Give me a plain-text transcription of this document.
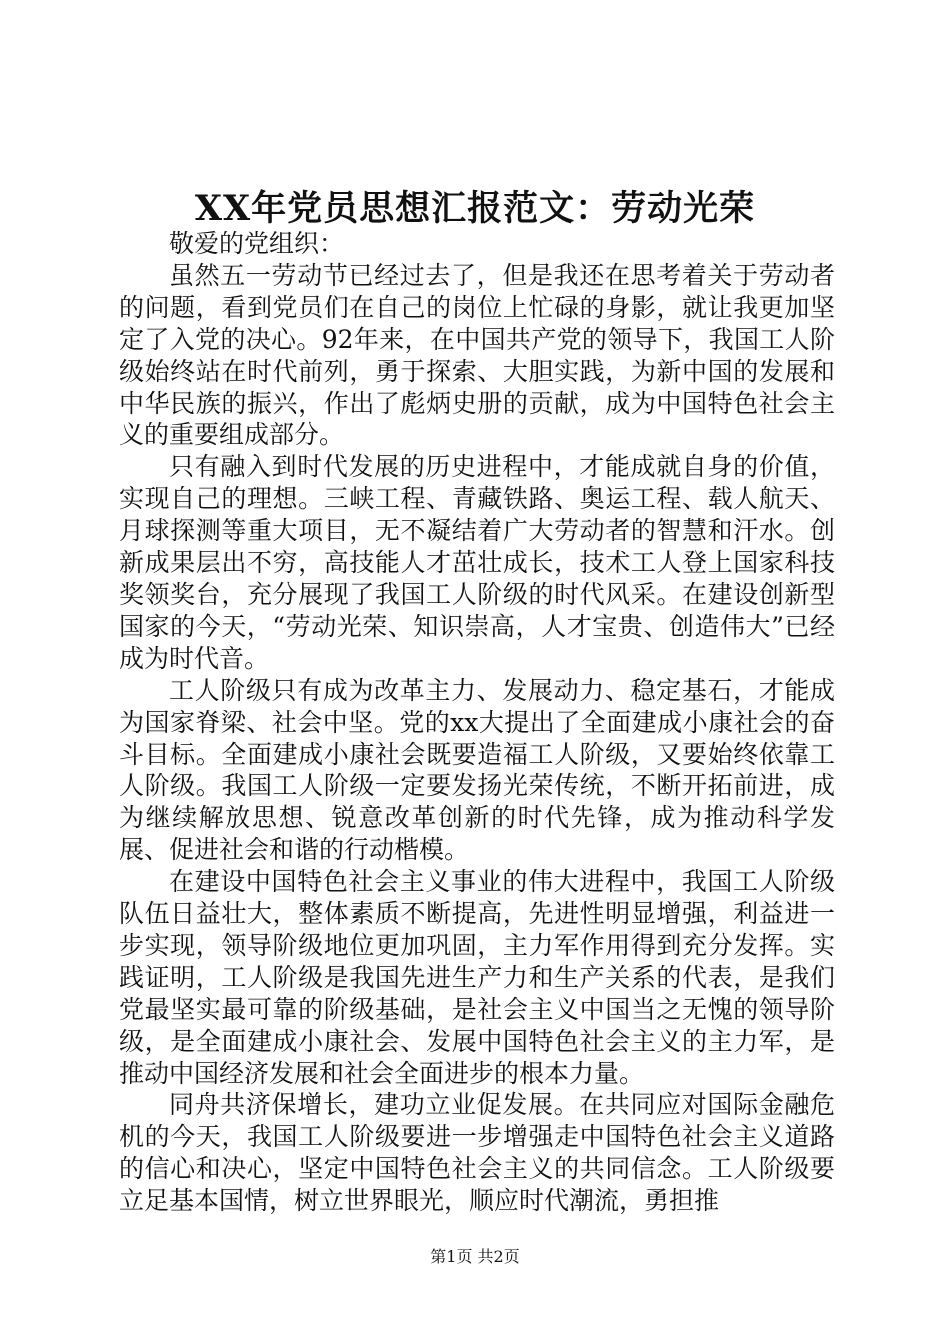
XX年党员思想汇报范文：劳动光荣

敬爱的党组织：

虽然五一劳动节已经过去了，但是我还在思考着关于劳动者的问题，看到党员们在自己的岗位上忙碌的身影，就让我更加坚定了入党的决心。92年来，在中国共产党的领导下，我国工人阶级始终站在时代前列，勇于探索、大胆实践，为新中国的发展和中华民族的振兴，作出了彪炳史册的贡献，成为中国特色社会主义的重要组成部分。

只有融入到时代发展的历史进程中，才能成就自身的价值，实现自己的理想。三峡工程、青藏铁路、奥运工程、载人航天、月球探测等重大项目，无不凝结着广大劳动者的智慧和汗水。创新成果层出不穷，高技能人才茁壮成长，技术工人登上国家科技奖领奖台，充分展现了我国工人阶级的时代风采。在建设创新型国家的今天，“劳动光荣、知识崇高，人才宝贵、创造伟大”已经成为时代音。

工人阶级只有成为改革主力、发展动力、稳定基石，才能成为国家脊梁、社会中坚。党的xx大提出了全面建成小康社会的奋斗目标。全面建成小康社会既要造福工人阶级，又要始终依靠工人阶级。我国工人阶级一定要发扬光荣传统，不断开拓前进，成为继续解放思想、锐意改革创新的时代先锋，成为推动科学发展、促进社会和谐的行动楷模。

在建设中国特色社会主义事业的伟大进程中，我国工人阶级队伍日益壮大，整体素质不断提高，先进性明显增强，利益进一步实现，领导阶级地位更加巩固，主力军作用得到充分发挥。实践证明，工人阶级是我国先进生产力和生产关系的代表，是我们党最坚实最可靠的阶级基础，是社会主义中国当之无愧的领导阶级，是全面建成小康社会、发展中国特色社会主义的主力军，是推动中国经济发展和社会全面进步的根本力量。

同舟共济保增长，建功立业促发展。在共同应对国际金融危机的今天，我国工人阶级要进一步增强走中国特色社会主义道路的信心和决心，坚定中国特色社会主义的共同信念。工人阶级要立足基本国情，树立世界眼光，顺应时代潮流，勇担推

第1页 共2页
